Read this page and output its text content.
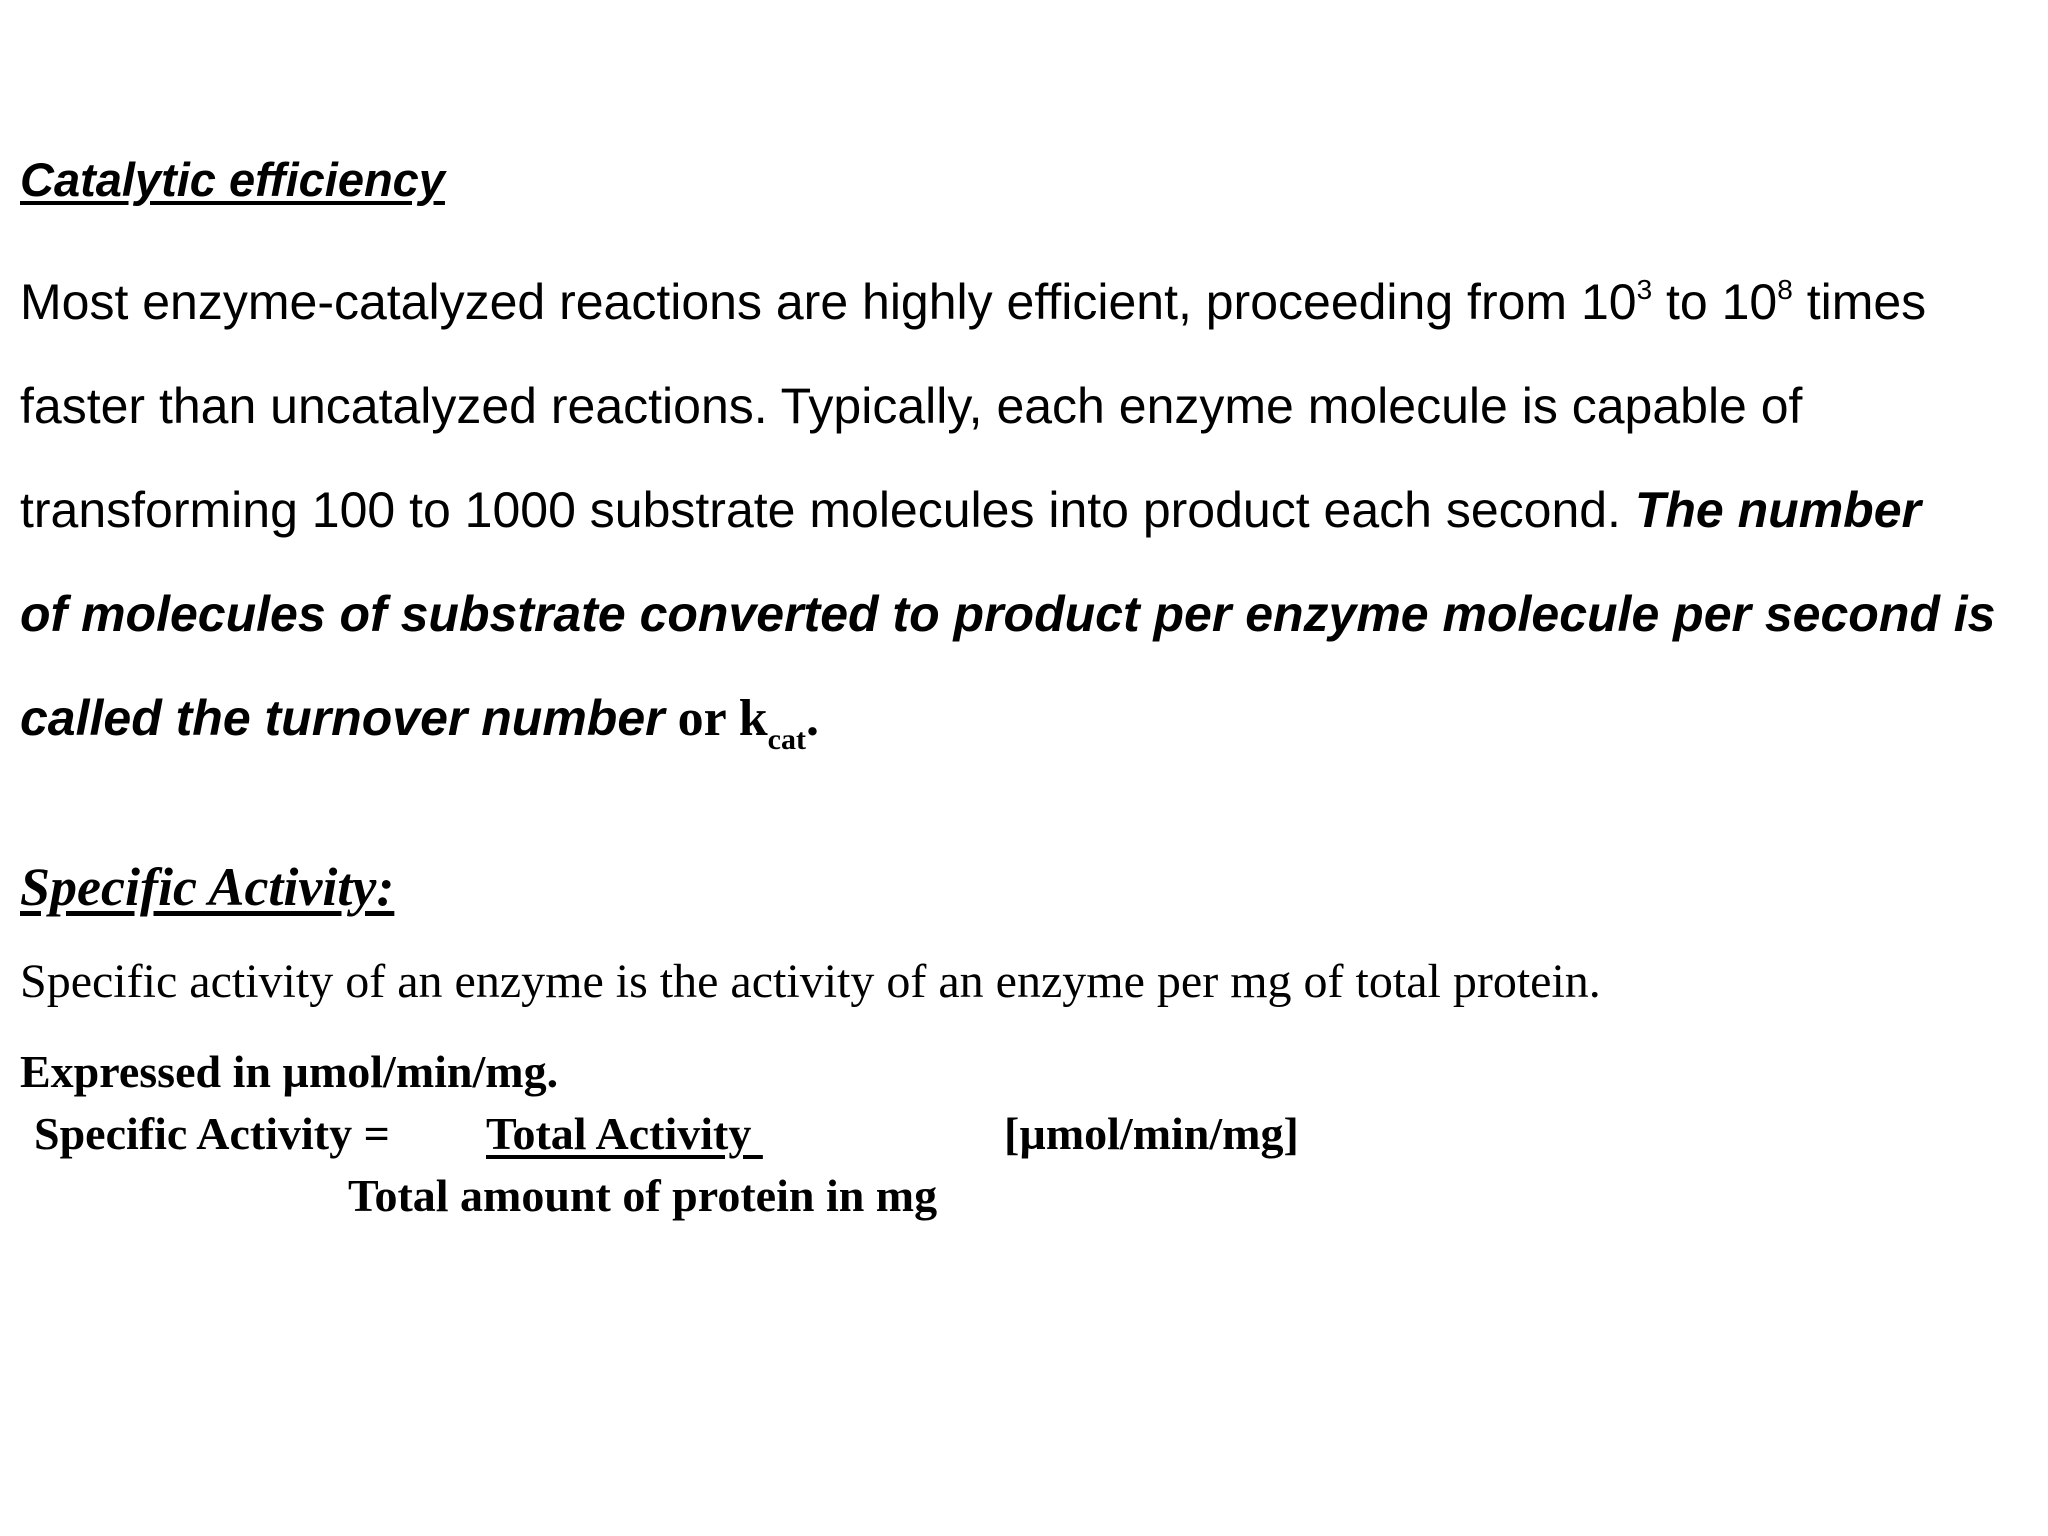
Catalytic efficiency
Most enzyme-catalyzed reactions are highly efficient, proceeding from $10^3$ to $10^8$ times
faster than uncatalyzed reactions. Typically, each enzyme molecule is capable of
transforming 100 to 1000 substrate molecules into product each second. The number
of molecules of substrate converted to product per enzyme molecule per second is
called the turnover number or $k_{cat}$.
Specific Activity:
Specific activity of an enzyme is the activity of an enzyme per mg of total protein.
Expressed in µmol/min/mg.
Specific Activity = Total Activity	[µmol/min/mg]
Total amount of protein in mg
